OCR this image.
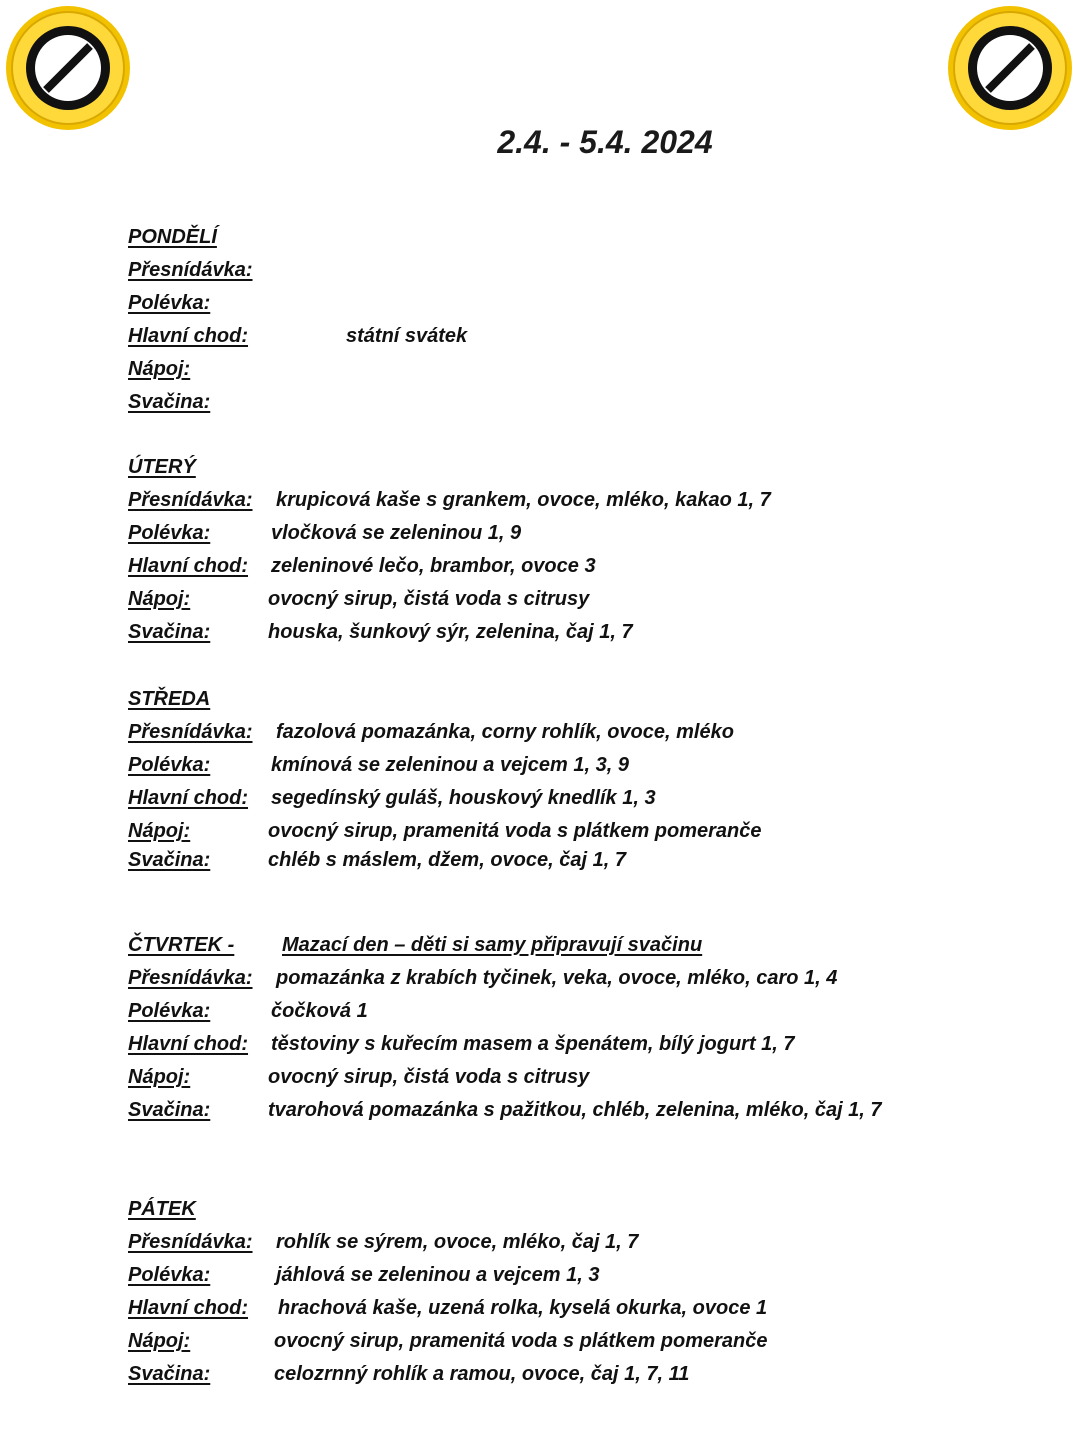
2.4. - 5.4. 2024
PONDĚLÍ
Přesnídávka:
Polévka:
Hlavní chod:	státní svátek
Nápoj:
Svačina:
ÚTERÝ
Přesnídávka: krupicová kaše s grankem, ovoce, mléko, kakao 1, 7
Polévka:	vločková se zeleninou 1, 9
Hlavní chod: zeleninové lečo, brambor, ovoce 3
Nápoj:	ovocný sirup, čistá voda s citrusy
Svačina:	houska, šunkový sýr, zelenina, čaj 1, 7
STŘEDA
Přesnídávka: fazolová pomazánka, corny rohlík, ovoce, mléko
Polévka:	kmínová se zeleninou a vejcem 1, 3, 9
Hlavní chod: segedínský guláš, houskový knedlík 1, 3
Nápoj:	ovocný sirup, pramenitá voda s plátkem pomeranče
Svačina:	chléb s máslem, džem, ovoce, čaj 1, 7
ČTVRTEK - Mazací den – děti si samy připravují svačinu
Přesnídávka: pomazánka z krabích tyčinek, veka, ovoce, mléko, caro 1, 4
Polévka:	čočková 1
Hlavní chod: těstoviny s kuřecím masem a špenátem, bílý jogurt 1, 7
Nápoj:	ovocný sirup, čistá voda s citrusy
Svačina:	tvarohová pomazánka s pažitkou, chléb, zelenina, mléko, čaj 1, 7
PÁTEK
Přesnídávka: rohlík se sýrem, ovoce, mléko, čaj 1, 7
Polévka:	jáhlová se zeleninou a vejcem 1, 3
Hlavní chod: hrachová kaše, uzená rolka, kyselá okurka, ovoce 1
Nápoj:	ovocný sirup, pramenitá voda s plátkem pomeranče
Svačina:	celozrnný rohlík a ramou, ovoce, čaj 1, 7, 11
